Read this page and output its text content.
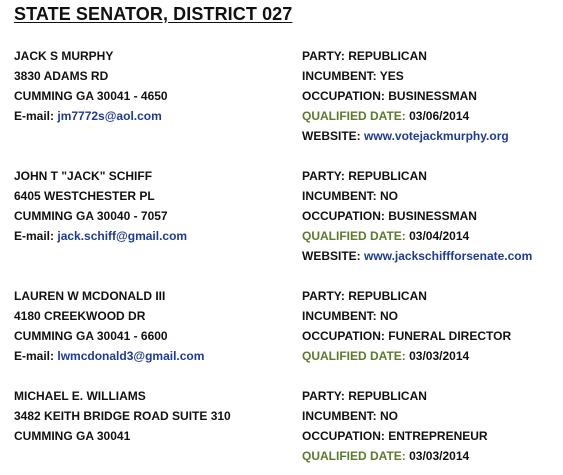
STATE SENATOR, DISTRICT 027
JACK S MURPHY
3830 ADAMS RD
CUMMING GA 30041 - 4650
E-mail: jm7772s@aol.com
PARTY: REPUBLICAN
INCUMBENT: YES
OCCUPATION: BUSINESSMAN
QUALIFIED DATE: 03/06/2014
WEBSITE: www.votejackmurphy.org
JOHN T "JACK" SCHIFF
6405 WESTCHESTER PL
CUMMING GA 30040 - 7057
E-mail: jack.schiff@gmail.com
PARTY: REPUBLICAN
INCUMBENT: NO
OCCUPATION: BUSINESSMAN
QUALIFIED DATE: 03/04/2014
WEBSITE: www.jackschiffforsenate.com
LAUREN W MCDONALD III
4180 CREEKWOOD DR
CUMMING GA 30041 - 6600
E-mail: lwmcdonald3@gmail.com
PARTY: REPUBLICAN
INCUMBENT: NO
OCCUPATION: FUNERAL DIRECTOR
QUALIFIED DATE: 03/03/2014
MICHAEL E. WILLIAMS
3482 KEITH BRIDGE ROAD SUITE 310
CUMMING GA 30041
PARTY: REPUBLICAN
INCUMBENT: NO
OCCUPATION: ENTREPRENEUR
QUALIFIED DATE: 03/03/2014
